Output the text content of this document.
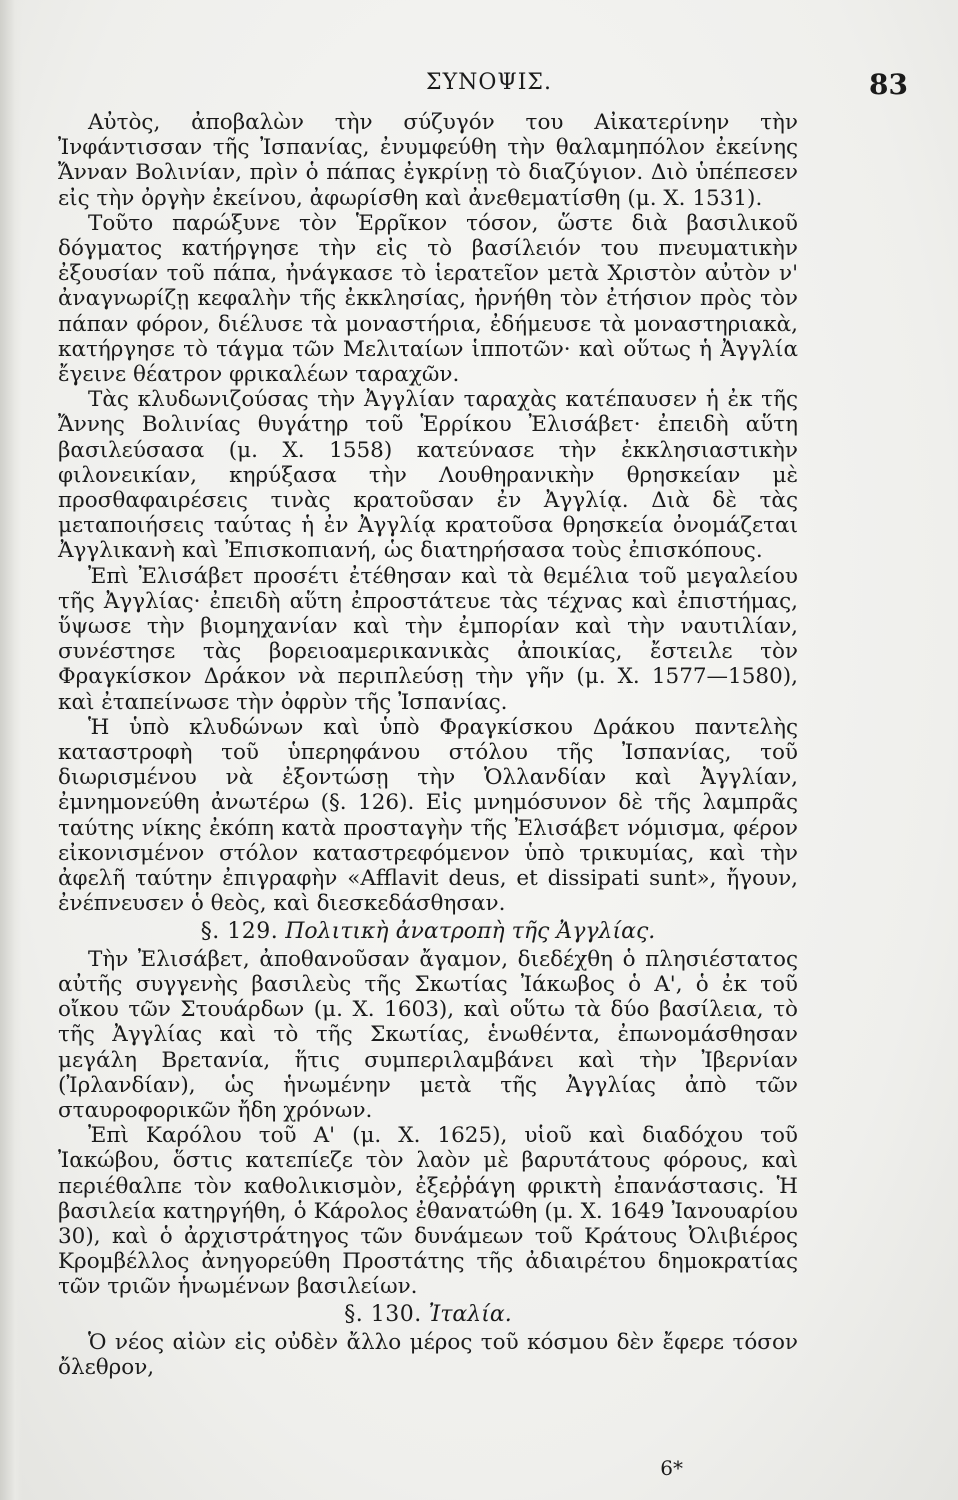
ΣΥΝΟΨΙΣ.	83

Αὐτὸς, ἀποβαλὼν τὴν σύζυγόν του Αἰκατερίνην τὴν Ἰνφάντισσαν τῆς Ἰσπανίας, ἐνυμφεύθη τὴν θαλαμηπόλον ἐκείνης Ἄνναν Βολινίαν, πρὶν ὁ πάπας ἐγκρίνῃ τὸ διαζύγιον. Διὸ ὑπέπεσεν εἰς τὴν ὀργὴν ἐκείνου, ἀφωρίσθη καὶ ἀνεθεματίσθη (μ. Χ. 1531).

Τοῦτο παρώξυνε τὸν Ἑρρῖκον τόσον, ὥστε διὰ βασιλικοῦ δόγματος κατήργησε τὴν εἰς τὸ βασίλειόν του πνευματικὴν ἐξουσίαν τοῦ πάπα, ἠνάγκασε τὸ ἱερατεῖον μετὰ Χριστὸν αὐτὸν ν' ἀναγνωρίζῃ κεφαλὴν τῆς ἐκκλησίας, ἠρνήθη τὸν ἐτήσιον πρὸς τὸν πάπαν φόρον, διέλυσε τὰ μοναστήρια, ἐδήμευσε τὰ μοναστηριακὰ, κατήργησε τὸ τάγμα τῶν Μελιταίων ἱπποτῶν· καὶ οὕτως ἡ Ἀγγλία ἔγεινε θέατρον φρικαλέων ταραχῶν.

Τὰς κλυδωνιζούσας τὴν Ἀγγλίαν ταραχὰς κατέπαυσεν ἡ ἐκ τῆς Ἄννης Βολινίας θυγάτηρ τοῦ Ἑρρίκου Ἐλισάβετ· ἐπειδὴ αὕτη βασιλεύσασα (μ. Χ. 1558) κατεύνασε τὴν ἐκκλησιαστικὴν φιλονεικίαν, κηρύξασα τὴν Λουθηρανικὴν θρησκείαν μὲ προσθαφαιρέσεις τινὰς κρατοῦσαν ἐν Ἀγγλίᾳ. Διὰ δὲ τὰς μεταποιήσεις ταύτας ἡ ἐν Ἀγγλίᾳ κρατοῦσα θρησκεία ὀνομάζεται Ἀγγλικανὴ καὶ Ἐπισκοπιανή, ὡς διατηρήσασα τοὺς ἐπισκόπους.

Ἐπὶ Ἐλισάβετ προσέτι ἐτέθησαν καὶ τὰ θεμέλια τοῦ μεγαλείου τῆς Ἀγγλίας· ἐπειδὴ αὕτη ἐπροστάτευε τὰς τέχνας καὶ ἐπιστήμας, ὕψωσε τὴν βιομηχανίαν καὶ τὴν ἐμπορίαν καὶ τὴν ναυτιλίαν, συνέστησε τὰς βορειοαμερικανικὰς ἀποικίας, ἔστειλε τὸν Φραγκίσκον Δράκον νὰ περιπλεύσῃ τὴν γῆν (μ. Χ. 1577—1580), καὶ ἐταπείνωσε τὴν ὀφρὺν τῆς Ἰσπανίας.

Ἡ ὑπὸ κλυδώνων καὶ ὑπὸ Φραγκίσκου Δράκου παντελὴς καταστροφὴ τοῦ ὑπερηφάνου στόλου τῆς Ἰσπανίας, τοῦ διωρισμένου νὰ ἐξοντώσῃ τὴν Ὁλλανδίαν καὶ Ἀγγλίαν, ἐμνημονεύθη ἀνωτέρω (§. 126). Εἰς μνημόσυνον δὲ τῆς λαμπρᾶς ταύτης νίκης ἐκόπη κατὰ προσταγὴν τῆς Ἐλισάβετ νόμισμα, φέρον εἰκονισμένον στόλον καταστρεφόμενον ὑπὸ τρικυμίας, καὶ τὴν ἀφελῆ ταύτην ἐπιγραφὴν «Afflavit deus, et dissipati sunt», ἤγουν, ἐνέπνευσεν ὁ θεὸς, καὶ διεσκεδάσθησαν.

§. 129. Πολιτικὴ ἀνατροπὴ τῆς Ἀγγλίας.

Τὴν Ἐλισάβετ, ἀποθανοῦσαν ἄγαμον, διεδέχθη ὁ πλησιέστατος αὐτῆς συγγενὴς βασιλεὺς τῆς Σκωτίας Ἰάκωβος ὁ Α', ὁ ἐκ τοῦ οἴκου τῶν Στουάρδων (μ. Χ. 1603), καὶ οὕτω τὰ δύο βασίλεια, τὸ τῆς Ἀγγλίας καὶ τὸ τῆς Σκωτίας, ἑνωθέντα, ἐπωνομάσθησαν μεγάλη Βρετανία, ἥτις συμπεριλαμβάνει καὶ τὴν Ἰβερνίαν (Ἰρλανδίαν), ὡς ἡνωμένην μετὰ τῆς Ἀγγλίας ἀπὸ τῶν σταυροφορικῶν ἤδη χρόνων.

Ἐπὶ Καρόλου τοῦ Α' (μ. Χ. 1625), υἱοῦ καὶ διαδόχου τοῦ Ἰακώβου, ὅστις κατεπίεζε τὸν λαὸν μὲ βαρυτάτους φόρους, καὶ περιέθαλπε τὸν καθολικισμὸν, ἐξεῤῥάγη φρικτὴ ἐπανάστασις. Ἡ βασιλεία κατηργήθη, ὁ Κάρολος ἐθανατώθη (μ. Χ. 1649 Ἰανουαρίου 30), καὶ ὁ ἀρχιστράτηγος τῶν δυνάμεων τοῦ Κράτους Ὀλιβιέρος Κρομβέλλος ἀνηγορεύθη Προστάτης τῆς ἀδιαιρέτου δημοκρατίας τῶν τριῶν ἡνωμένων βασιλείων.

§. 130. Ἰταλία.

Ὁ νέος αἰὼν εἰς οὐδὲν ἄλλο μέρος τοῦ κόσμου δὲν ἔφερε τόσον ὄλεθρον,

6*
